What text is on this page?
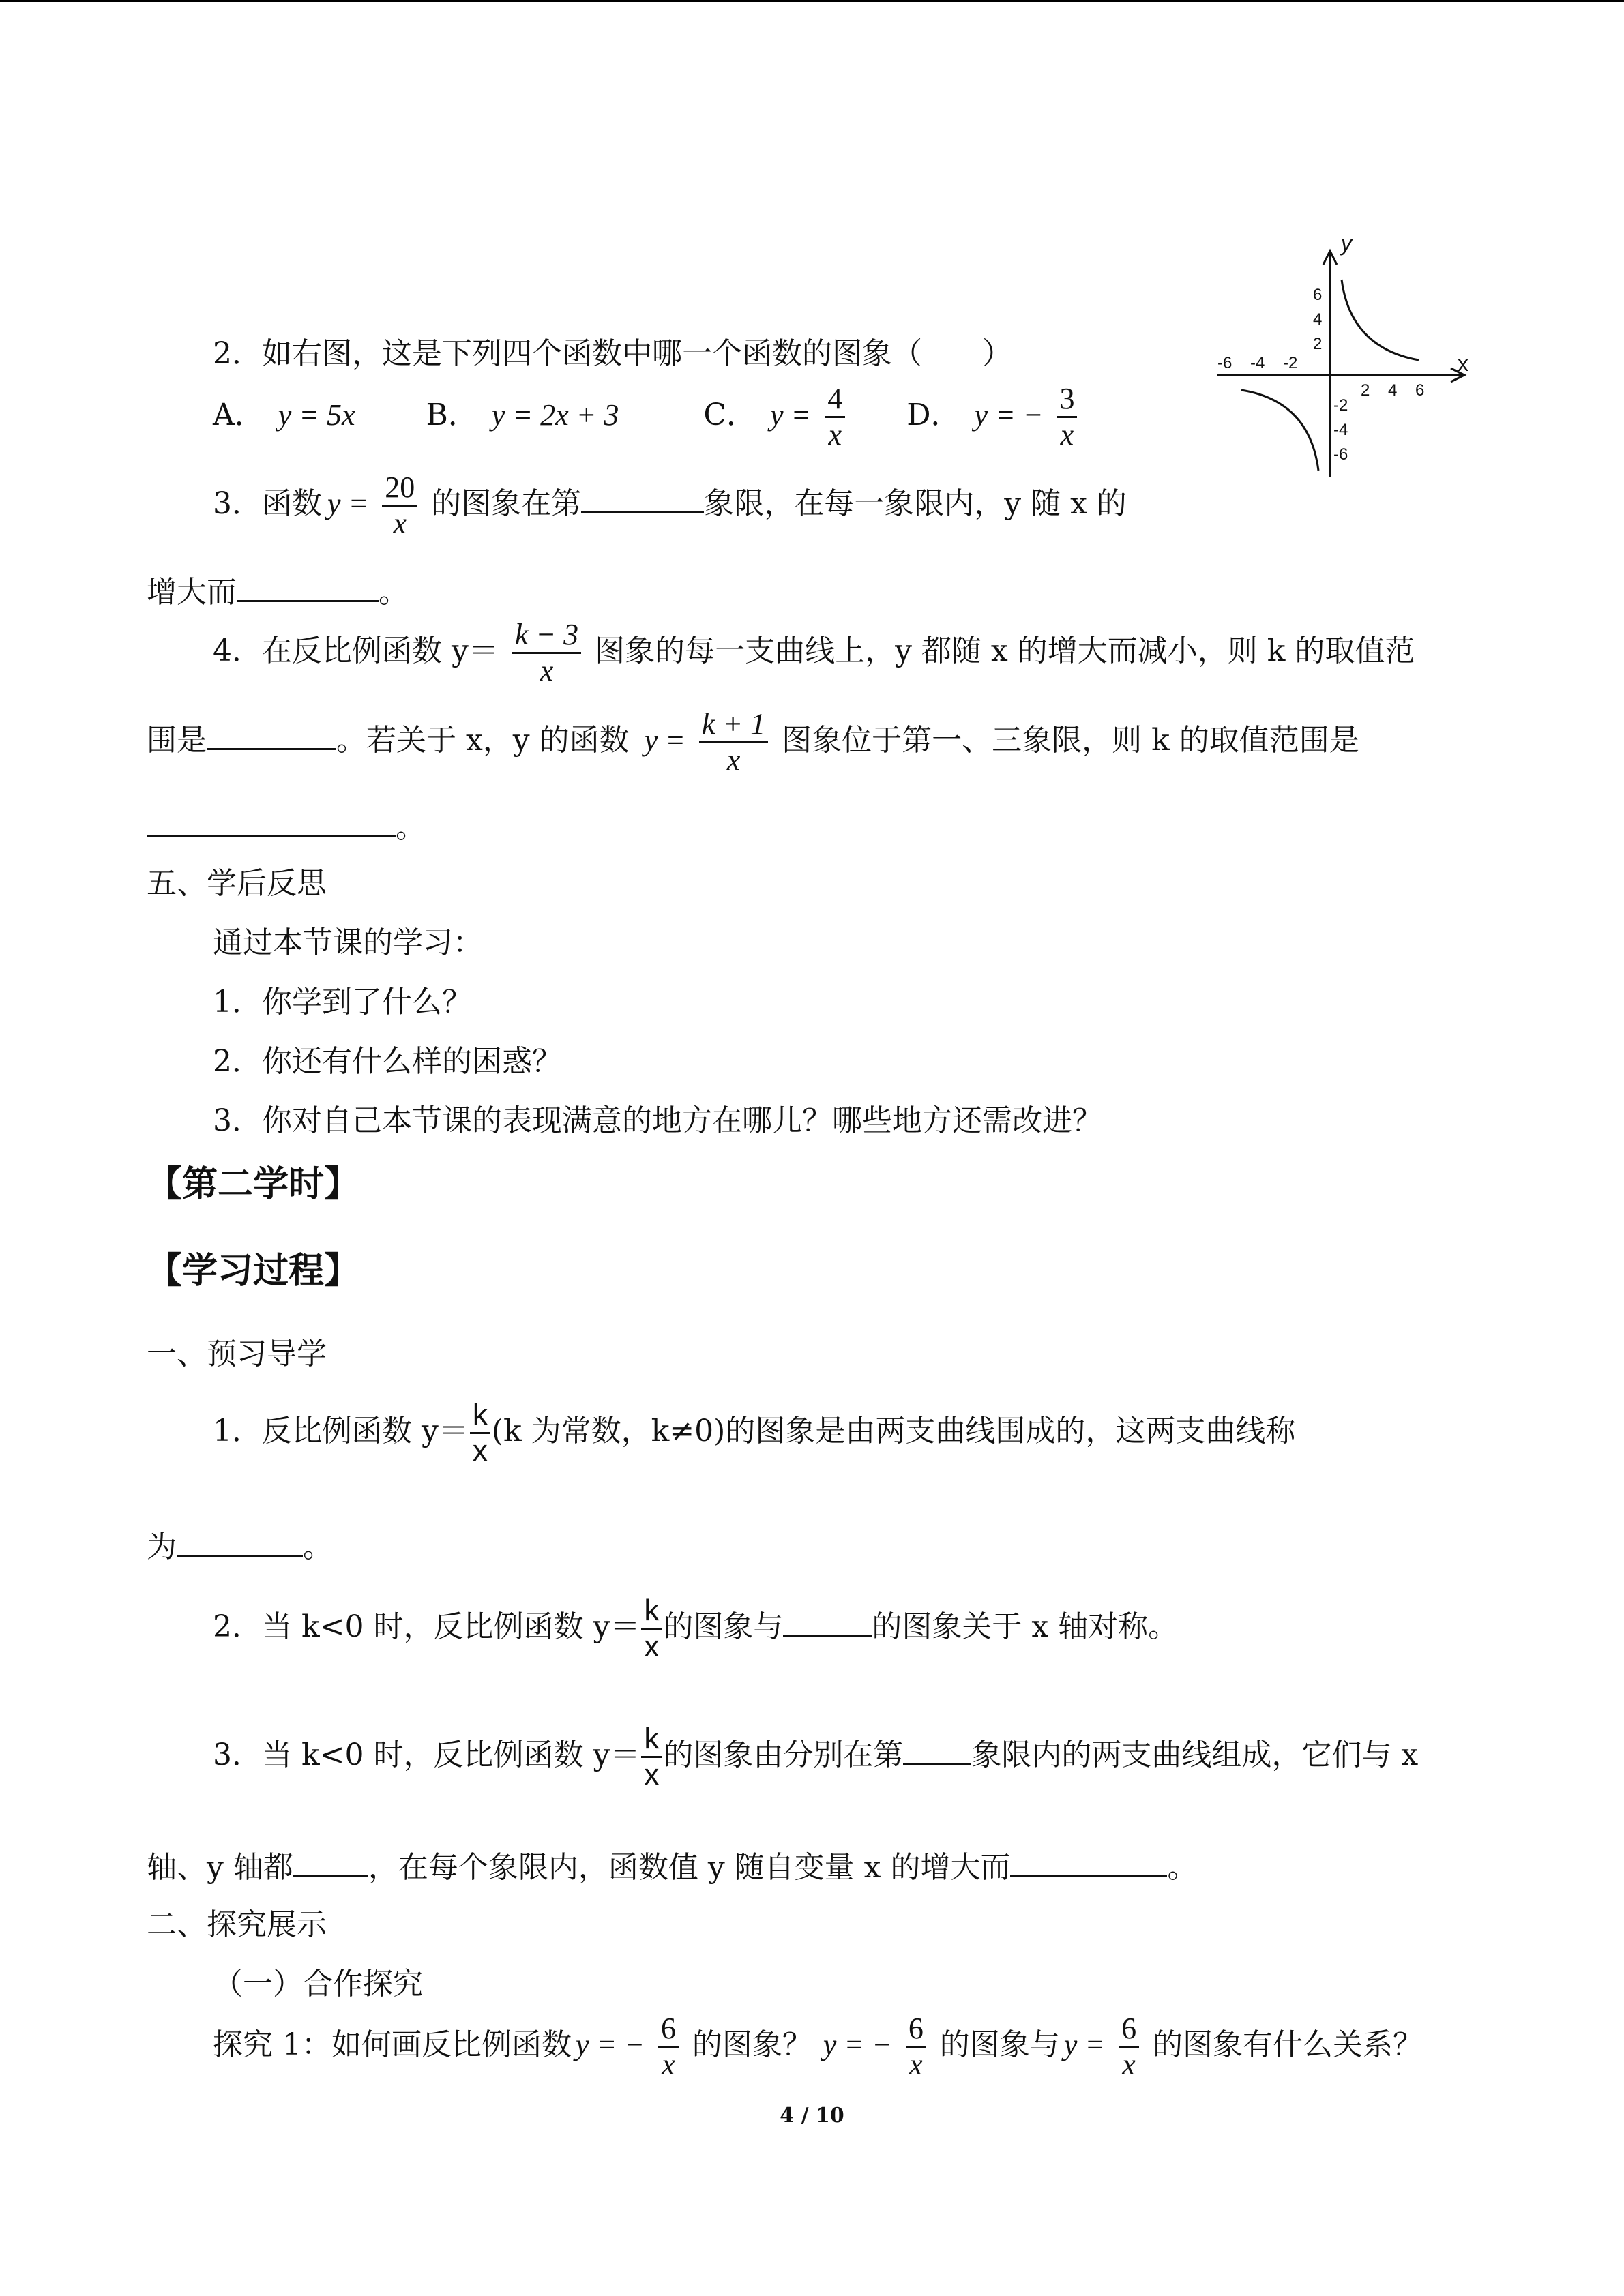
2．如右图，这是下列四个函数中哪一个函数的图象（　　）
A． y = 5x B． y = 2x + 3	C． $y = \frac{4}{x}$ D． y = − $\frac{3}{x}$
x
y
2 4 6
-6 -4 -2
6
4
2
-2
-4
-6
3．函数 $y = \frac{20}{x}$ 的图象在第	象限，在每一象限内，y 随 x 的
增大而	。
4．在反比例函数 $y= \frac{k - 3}{x}$ 图象的每一支曲线上，y 都随 x 的增大而减小，则 k 的取值范
围是	。若关于 x，y 的函数 $y = \frac{k + 1}{x}$ 图象位于第一、三象限，则 k 的取值范围是
。
五、学后反思
通过本节课的学习：
1．你学到了什么？
2．你还有什么样的困惑？
3．你对自己本节课的表现满意的地方在哪儿？哪些地方还需改进？
【第二学时】
【学习过程】
一、预习导学
1．反比例函数 $y= \frac{k}{x} (k$ 为常数，k≠0)的图象是由两支曲线围成的，这两支曲线称
为	。
2．当 k<0 时，反比例函数 $y= \frac{k}{x}$ 的图象与	的图象关于 x 轴对称。
3．当 k<0 时，反比例函数 $y= \frac{k}{x}$ 的图象由分别在第 象限内的两支曲线组成，它们与 x
轴、y 轴都	，在每个象限内，函数值 y 随自变量 x 的增大而	。
二、探究展示
（一）合作探究
探究 1：如何画反比例函数 y = − $\frac{6}{x}$ 的图象？ y = − $\frac{6}{x}$ 的图象与 $y = \frac{6}{x}$ 的图象有什么关系？
4 / 10
